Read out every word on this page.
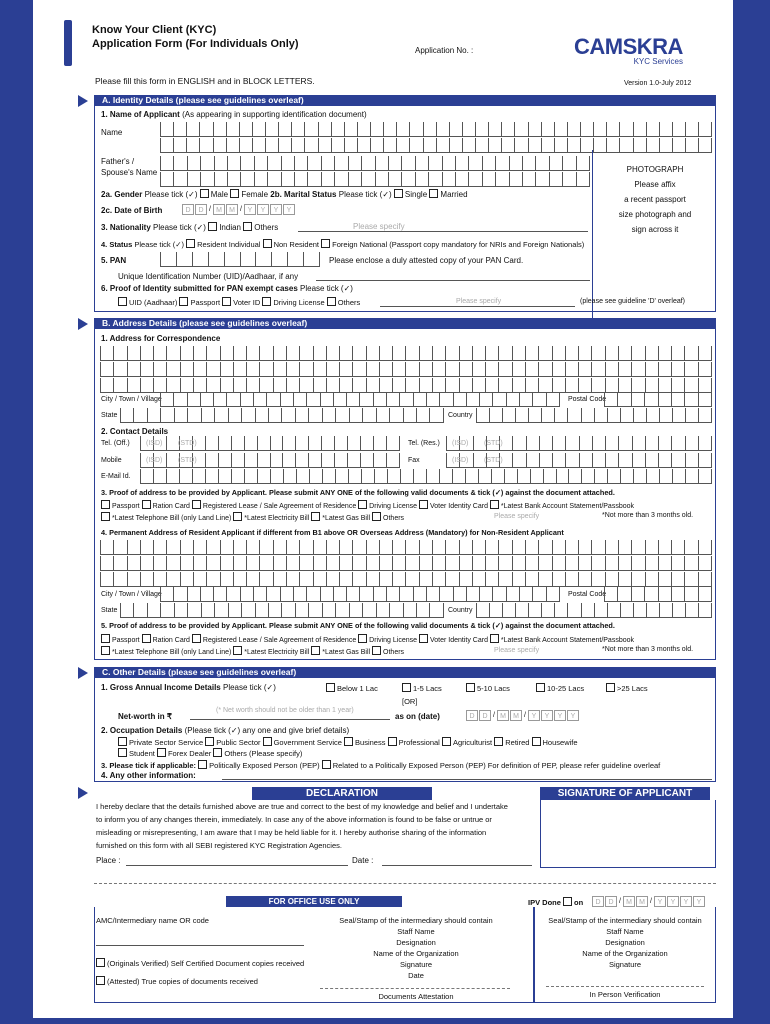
Know Your Client (KYC)
Application Form (For Individuals Only)
Application No. :	CAMSKRA
KYC Services
Please fill this form in ENGLISH and in BLOCK LETTERS.	Version 1.0-July 2012
A. Identity Details (please see guidelines overleaf)
1. Name of Applicant (As appearing in supporting identification document)
Name
Father's /
Spouse's Name	PHOTOGRAPH
Please affix
a recent passport
size photograph and
sign across it
2a. Gender Please tick (✓) Male Female 2b. Marital Status Please tick (✓) Single Married
2c. Date of Birth	D	D / M	M / Y	Y	Y	Y
3. Nationality Please tick (✓) Indian Others	Please specify
4. Status Please tick (✓) Resident Individual Non Resident Foreign National (Passport copy mandatory for NRIs and Foreign Nationals)
5. PAN	Please enclose a duly attested copy of your PAN Card.
Unique Identification Number (UID)/Aadhaar, if any
6. Proof of Identity submitted for PAN exempt cases Please tick (✓)
UID (Aadhaar) Passport Voter ID Driving License Others	Please specify	(please see guideline 'D' overleaf)
B. Address Details (please see guidelines overleaf)
1. Address for Correspondence
City / Town / Village	Postal Code
State	Country
2. Contact Details
Tel. (Off.) (ISD) (STD)	Tel. (Res.) (ISD) (STD)
Mobile	(ISD) (STD)	Fax	(ISD) (STD)
E-Mail Id.
3. Proof of address to be provided by Applicant. Please submit ANY ONE of the following valid documents & tick (✓) against the document attached.
Passport Ration Card Registered Lease / Sale Agreement of Residence Driving License Voter Identity Card *Latest Bank Account Statement/Passbook
*Latest Telephone Bill (only Land Line) *Latest Electricity Bill *Latest Gas Bill Others	Please specify	*Not more than 3 months old.
4. Permanent Address of Resident Applicant if different from B1 above OR Overseas Address (Mandatory) for Non-Resident Applicant
City / Town / Village	Postal Code
State	Country
5. Proof of address to be provided by Applicant. Please submit ANY ONE of the following valid documents & tick (✓) against the document attached.
Passport Ration Card Registered Lease / Sale Agreement of Residence Driving License Voter Identity Card *Latest Bank Account Statement/Passbook
*Latest Telephone Bill (only Land Line) *Latest Electricity Bill *Latest Gas Bill Others	Please specify	*Not more than 3 months old.
C. Other Details (please see guidelines overleaf)
1. Gross Annual Income Details Please tick (✓)	Below 1 Lac	1-5 Lacs	5-10 Lacs	10-25 Lacs	>25 Lacs
[OR]
Net-worth in ₹
(* Net worth should not be older than 1 year)
as on (date)	D	D / M	M / Y	Y	Y	Y
2. Occupation Details (Please tick (✓) any one and give brief details)
Private Sector Service Public Sector Government Service Business Professional Agriculturist Retired Housewife
Student Forex Dealer Others (Please specify)
3. Please tick if applicable: Politically Exposed Person (PEP) Related to a Politically Exposed Person (PEP) For definition of PEP, please refer guideline overleaf
4. Any other information:
DECLARATION	SIGNATURE OF APPLICANT
I hereby declare that the details furnished above are true and correct to the best of my knowledge and belief and I undertake
to inform you of any changes therein, immediately. In case any of the above information is found to be false or untrue or
misleading or misrepresenting, I am aware that I may be held liable for it. I hereby authorise sharing of the information
furnished on this form with all SEBI registered KYC Registration Agencies.
Place :	Date :
FOR OFFICE USE ONLY	IPV Done on	D	D / M	M / Y	Y	Y	Y
AMC/Intermediary name OR code
(Originals Verified) Self Certified Document copies received
(Attested) True copies of documents received
Seal/Stamp of the intermediary should contain
Staff Name
Designation
Name of the Organization
Signature
Date
Documents Attestation
Seal/Stamp of the intermediary should contain
Staff Name
Designation
Name of the Organization
Signature
In Person Verification
